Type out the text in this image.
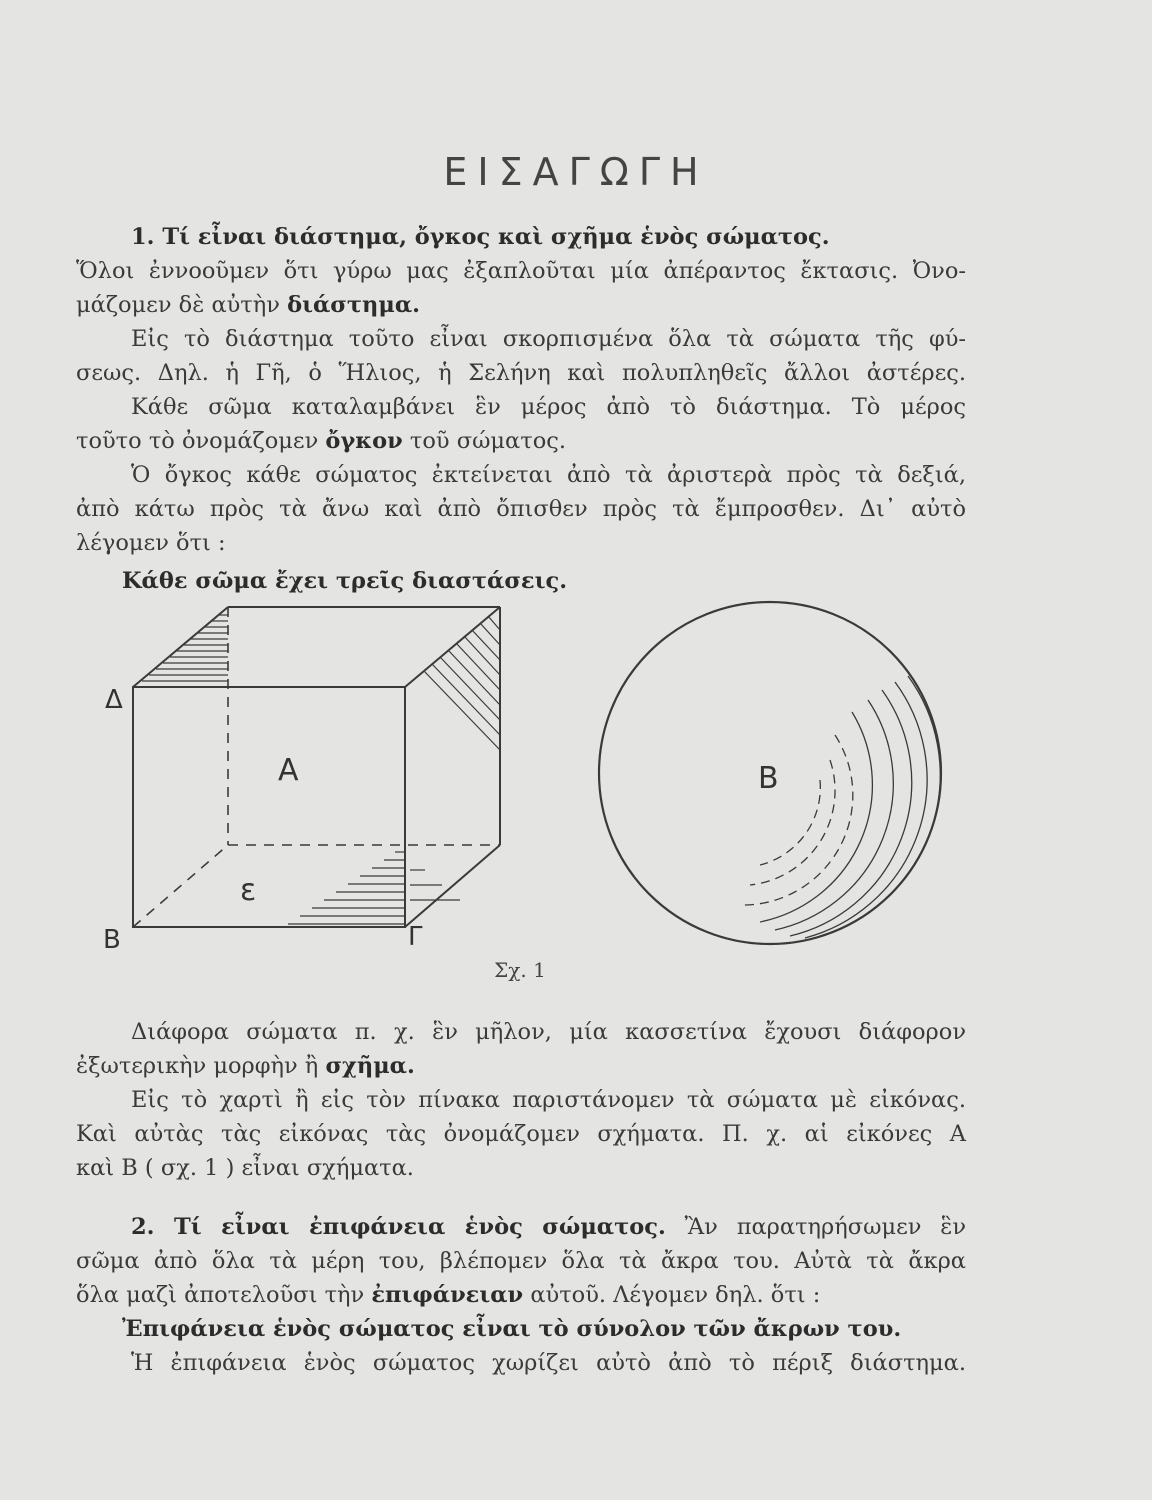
ΕΙΣΑΓΩΓΗ
1. Τί εἶναι διάστημα, ὄγκος καὶ σχῆμα ἑνὸς σώματος.
Ὅλοι ἐννοοῦμεν ὅτι γύρω μας ἐξαπλοῦται μία ἀπέραντος ἔκτασις. Ὀνο-
μάζομεν δὲ αὐτὴν διάστημα.
Εἰς τὸ διάστημα τοῦτο εἶναι σκορπισμένα ὅλα τὰ σώματα τῆς φύ-
σεως. Δηλ. ἡ Γῆ, ὁ Ἥλιος, ἡ Σελήνη καὶ πολυπληθεῖς ἄλλοι ἀστέρες.
Κάθε σῶμα καταλαμβάνει ἓν μέρος ἀπὸ τὸ διάστημα. Τὸ μέρος
τοῦτο τὸ ὀνομάζομεν ὄγκον τοῦ σώματος.
Ὁ ὄγκος κάθε σώματος ἐκτείνεται ἀπὸ τὰ ἀριστερὰ πρὸς τὰ δεξιά,
ἀπὸ κάτω πρὸς τὰ ἄνω καὶ ἀπὸ ὄπισθεν πρὸς τὰ ἔμπροσθεν. Δι᾽ αὐτὸ
λέγομεν ὅτι :
Κάθε σῶμα ἔχει τρεῖς διαστάσεις.
Α
ε
Δ
Β	Γ
Β
Σχ. 1
Διάφορα σώματα π. χ. ἓν μῆλον, μία κασσετίνα ἔχουσι διάφορον
ἐξωτερικὴν μορφὴν ἢ σχῆμα.
Εἰς τὸ χαρτὶ ἢ εἰς τὸν πίνακα παριστάνομεν τὰ σώματα μὲ εἰκόνας.
Καὶ αὐτὰς τὰς εἰκόνας τὰς ὀνομάζομεν σχήματα. Π. χ. αἱ εἰκόνες Α
καὶ Β ( σχ. 1 ) εἶναι σχήματα.
2. Τί εἶναι ἐπιφάνεια ἑνὸς σώματος. Ἂν παρατηρήσωμεν ἓν
σῶμα ἀπὸ ὅλα τὰ μέρη του, βλέπομεν ὅλα τὰ ἄκρα του. Αὐτὰ τὰ ἄκρα
ὅλα μαζὶ ἀποτελοῦσι τὴν ἐπιφάνειαν αὐτοῦ. Λέγομεν δηλ. ὅτι :
Ἐπιφάνεια ἑνὸς σώματος εἶναι τὸ σύνολον τῶν ἄκρων του.
Ἡ ἐπιφάνεια ἑνὸς σώματος χωρίζει αὐτὸ ἀπὸ τὸ πέριξ διάστημα.
